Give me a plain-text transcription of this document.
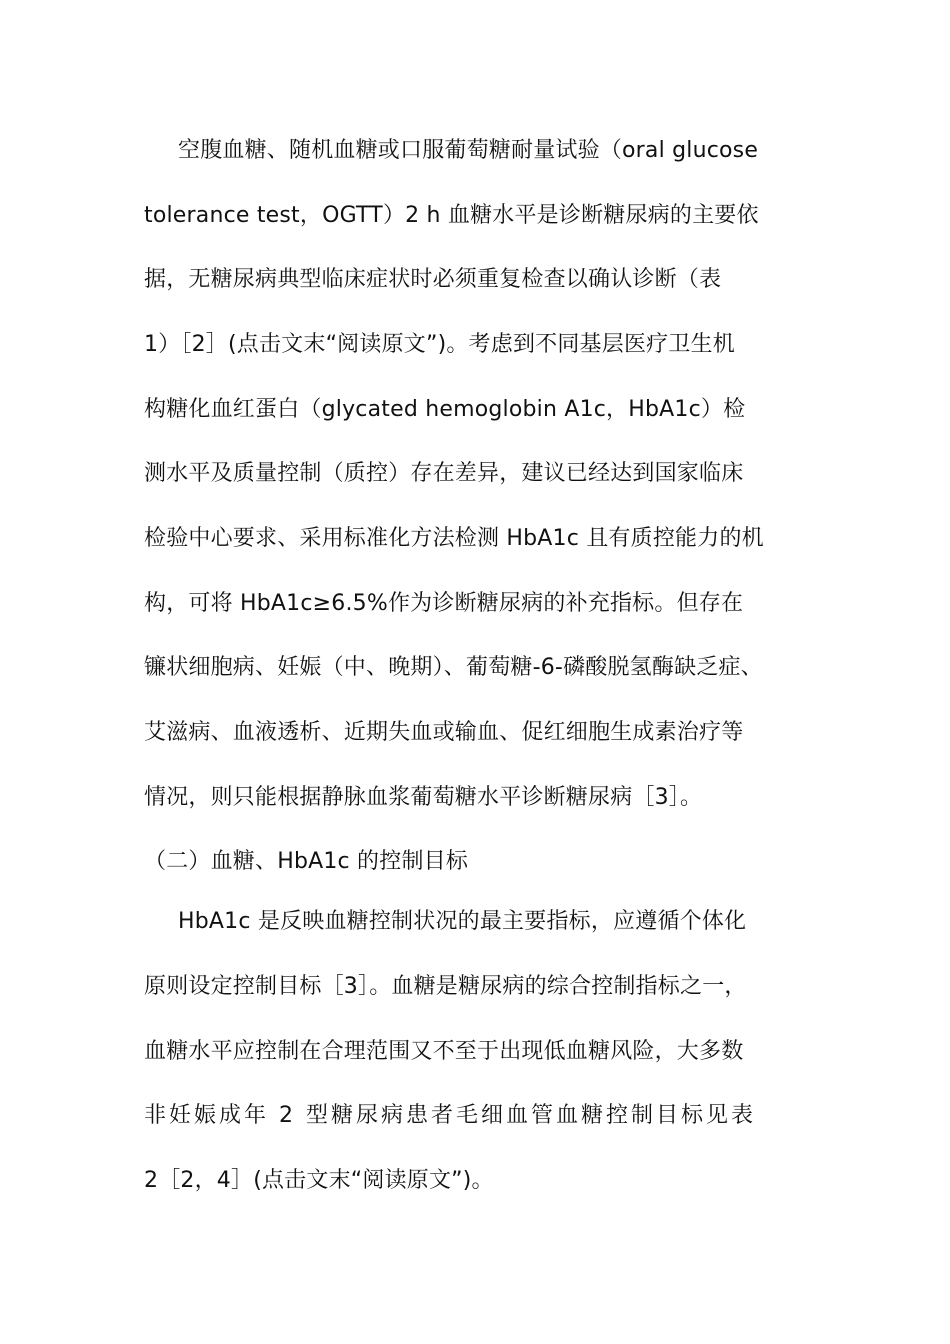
空腹血糖、随机血糖或口服葡萄糖耐量试验（oral glucose
tolerance test，OGTT）2 h 血糖水平是诊断糖尿病的主要依
据，无糖尿病典型临床症状时必须重复检查以确认诊断（表
1）［2］(点击文末“阅读原文”)。考虑到不同基层医疗卫生机
构糖化血红蛋白（glycated hemoglobin A1c，HbA1c）检
测水平及质量控制（质控）存在差异，建议已经达到国家临床
检验中心要求、采用标准化方法检测 HbA1c 且有质控能力的机
构，可将 HbA1c≥6.5%作为诊断糖尿病的补充指标。但存在
镰状细胞病、妊娠（中、晚期）、葡萄糖-6-磷酸脱氢酶缺乏症、
艾滋病、血液透析、近期失血或输血、促红细胞生成素治疗等
情况，则只能根据静脉血浆葡萄糖水平诊断糖尿病［3］。
（二）血糖、HbA1c 的控制目标
HbA1c 是反映血糖控制状况的最主要指标，应遵循个体化
原则设定控制目标［3］。血糖是糖尿病的综合控制指标之一，
血糖水平应控制在合理范围又不至于出现低血糖风险，大多数
非妊娠成年 2 型糖尿病患者毛细血管血糖控制目标见表
2［2，4］(点击文末“阅读原文”)。
